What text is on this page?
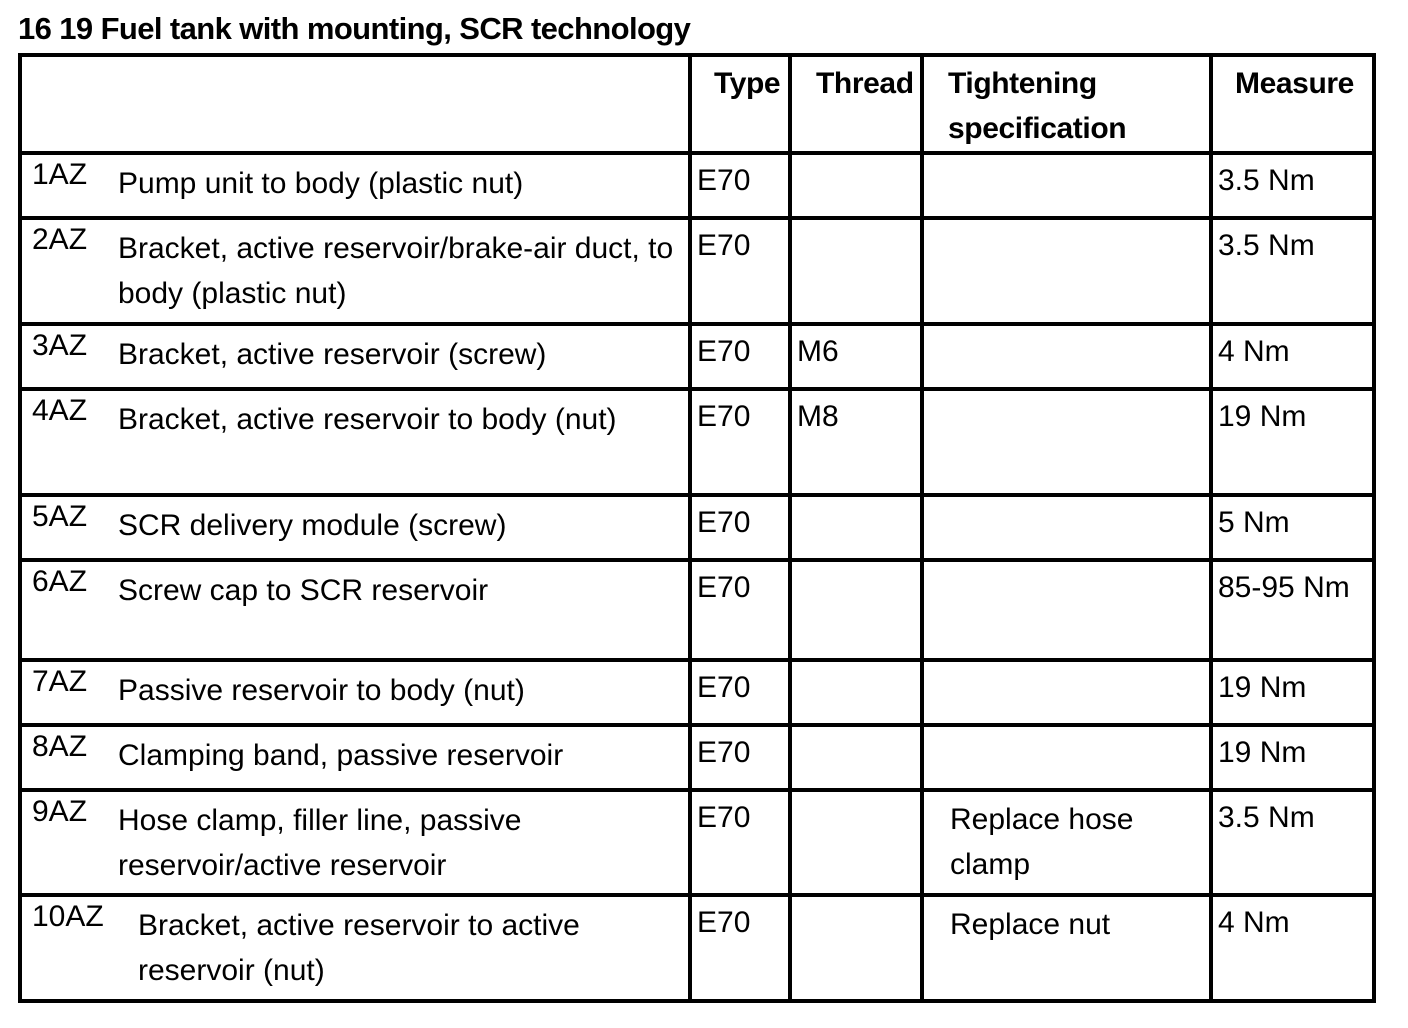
16 19 Fuel tank with mounting, SCR technology
	Type	Thread	Tightening specification	Measure

1AZ Pump unit to body (plastic nut)	E70			3.5 Nm

2AZ Bracket, active reservoir/brake-air duct, to body (plastic nut)	E70			3.5 Nm

3AZ Bracket, active reservoir (screw)	E70	M6		4 Nm

4AZ Bracket, active reservoir to body (nut)	E70	M8		19 Nm

5AZ SCR delivery module (screw)	E70			5 Nm

6AZ Screw cap to SCR reservoir	E70			85-95 Nm

7AZ Passive reservoir to body (nut)	E70			19 Nm

8AZ Clamping band, passive reservoir	E70			19 Nm

9AZ Hose clamp, filler line, passive reservoir/active reservoir	E70		Replace hose clamp	3.5 Nm

10AZ Bracket, active reservoir to active reservoir (nut)	E70		Replace nut	4 Nm
